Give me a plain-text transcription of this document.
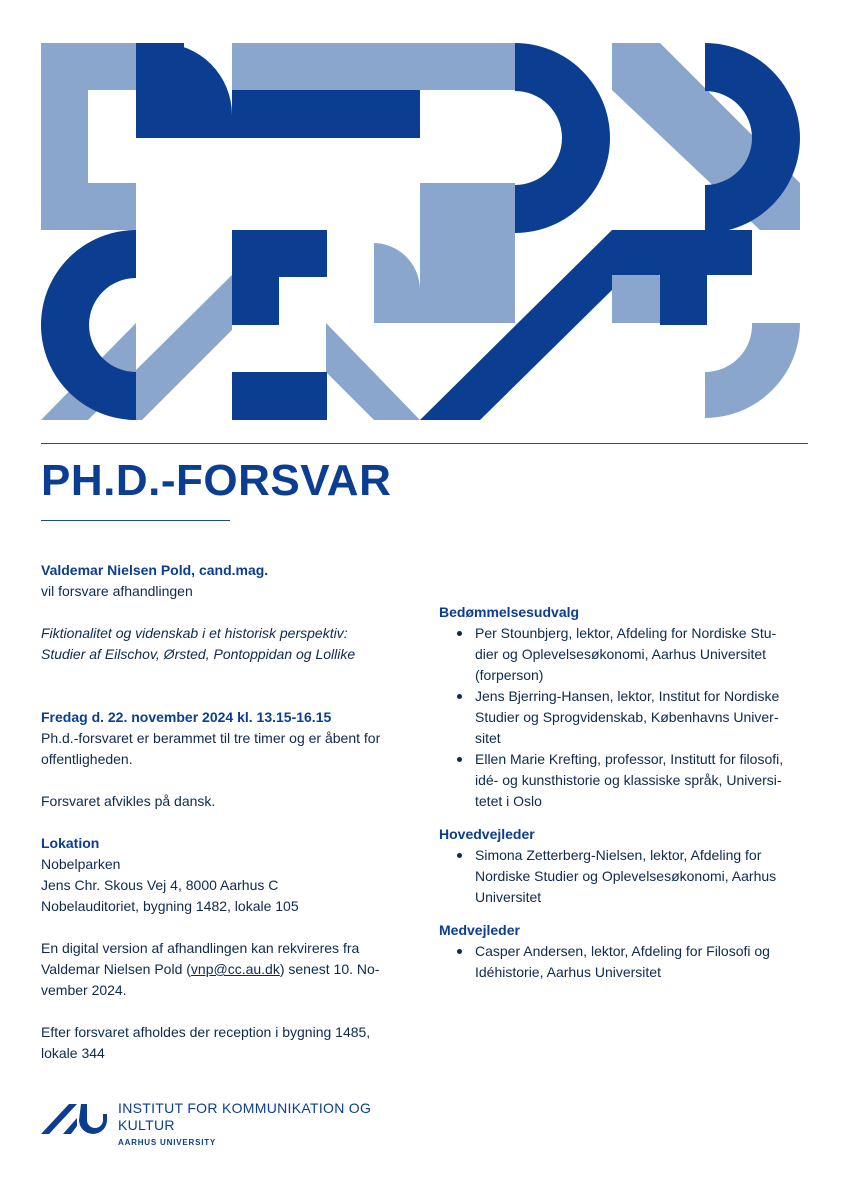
PH.D.-FORSVAR

Valdemar Nielsen Pold, cand.mag.

vil forsvare afhandlingen

Fiktionalitet og videnskab i et historisk perspektiv:

Studier af Eilschov, Ørsted, Pontoppidan og Lollike

Fredag d. 22. november 2024 kl. 13.15-16.15

Ph.d.-forsvaret er berammet til tre timer og er åbent for

offentligheden.

Forsvaret afvikles på dansk.

Lokation

Nobelparken

Jens Chr. Skous Vej 4, 8000 Aarhus C

Nobelauditoriet, bygning 1482, lokale 105

En digital version af afhandlingen kan rekvireres fra

Valdemar Nielsen Pold (vnp@cc.au.dk) senest 10. No-

vember 2024.

Efter forsvaret afholdes der reception i bygning 1485,

lokale 344

Bedømmelsesudvalg

Per Stounbjerg, lektor, Afdeling for Nordiske Stu-
dier og Oplevelsesøkonomi, Aarhus Universitet
(forperson)
Jens Bjerring-Hansen, lektor, Institut for Nordiske
Studier og Sprogvidenskab, Københavns Univer-
sitet
Ellen Marie Krefting, professor, Institutt for filosofi,
idé- og kunsthistorie og klassiske språk, Universi-
tetet i Oslo

Hovedvejleder

Simona Zetterberg-Nielsen, lektor, Afdeling for
Nordiske Studier og Oplevelsesøkonomi, Aarhus
Universitet

Medvejleder

Casper Andersen, lektor, Afdeling for Filosofi og
Idéhistorie, Aarhus Universitet
INSTITUT FOR KOMMUNIKATION OG
KULTUR
AARHUS UNIVERSITY
